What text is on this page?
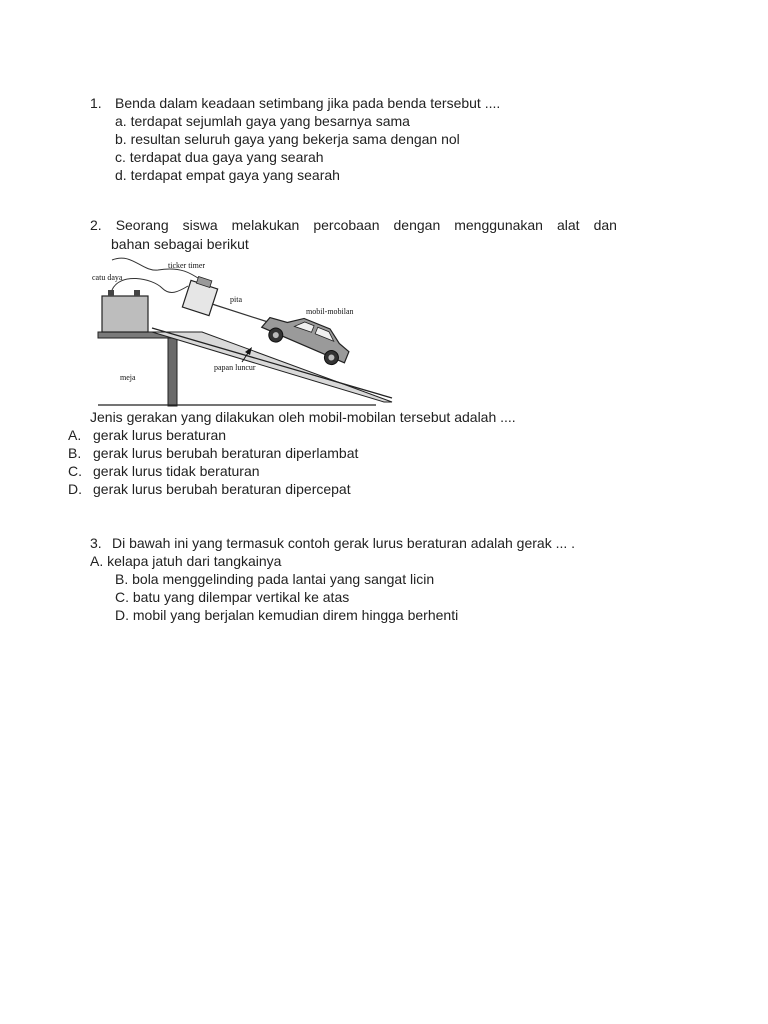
1. Benda dalam keadaan setimbang jika pada benda tersebut ....
a. terdapat sejumlah gaya yang besarnya sama
b. resultan seluruh gaya yang bekerja sama dengan nol
c. terdapat dua gaya yang searah
d. terdapat empat gaya yang searah
2. Seorang siswa melakukan percobaan dengan menggunakan alat dan
bahan sebagai berikut
catu daya
ticker timer
pita
mobil-mobilan
papan luncur
meja
Jenis gerakan yang dilakukan oleh mobil-mobilan tersebut adalah ....
A. gerak lurus beraturan
B. gerak lurus berubah beraturan diperlambat
C. gerak lurus tidak beraturan
D. gerak lurus berubah beraturan dipercepat
3. Di bawah ini yang termasuk contoh gerak lurus beraturan adalah gerak ... .
A. kelapa jatuh dari tangkainya
B. bola menggelinding pada lantai yang sangat licin
C. batu yang dilempar vertikal ke atas
D. mobil yang berjalan kemudian direm hingga berhenti
